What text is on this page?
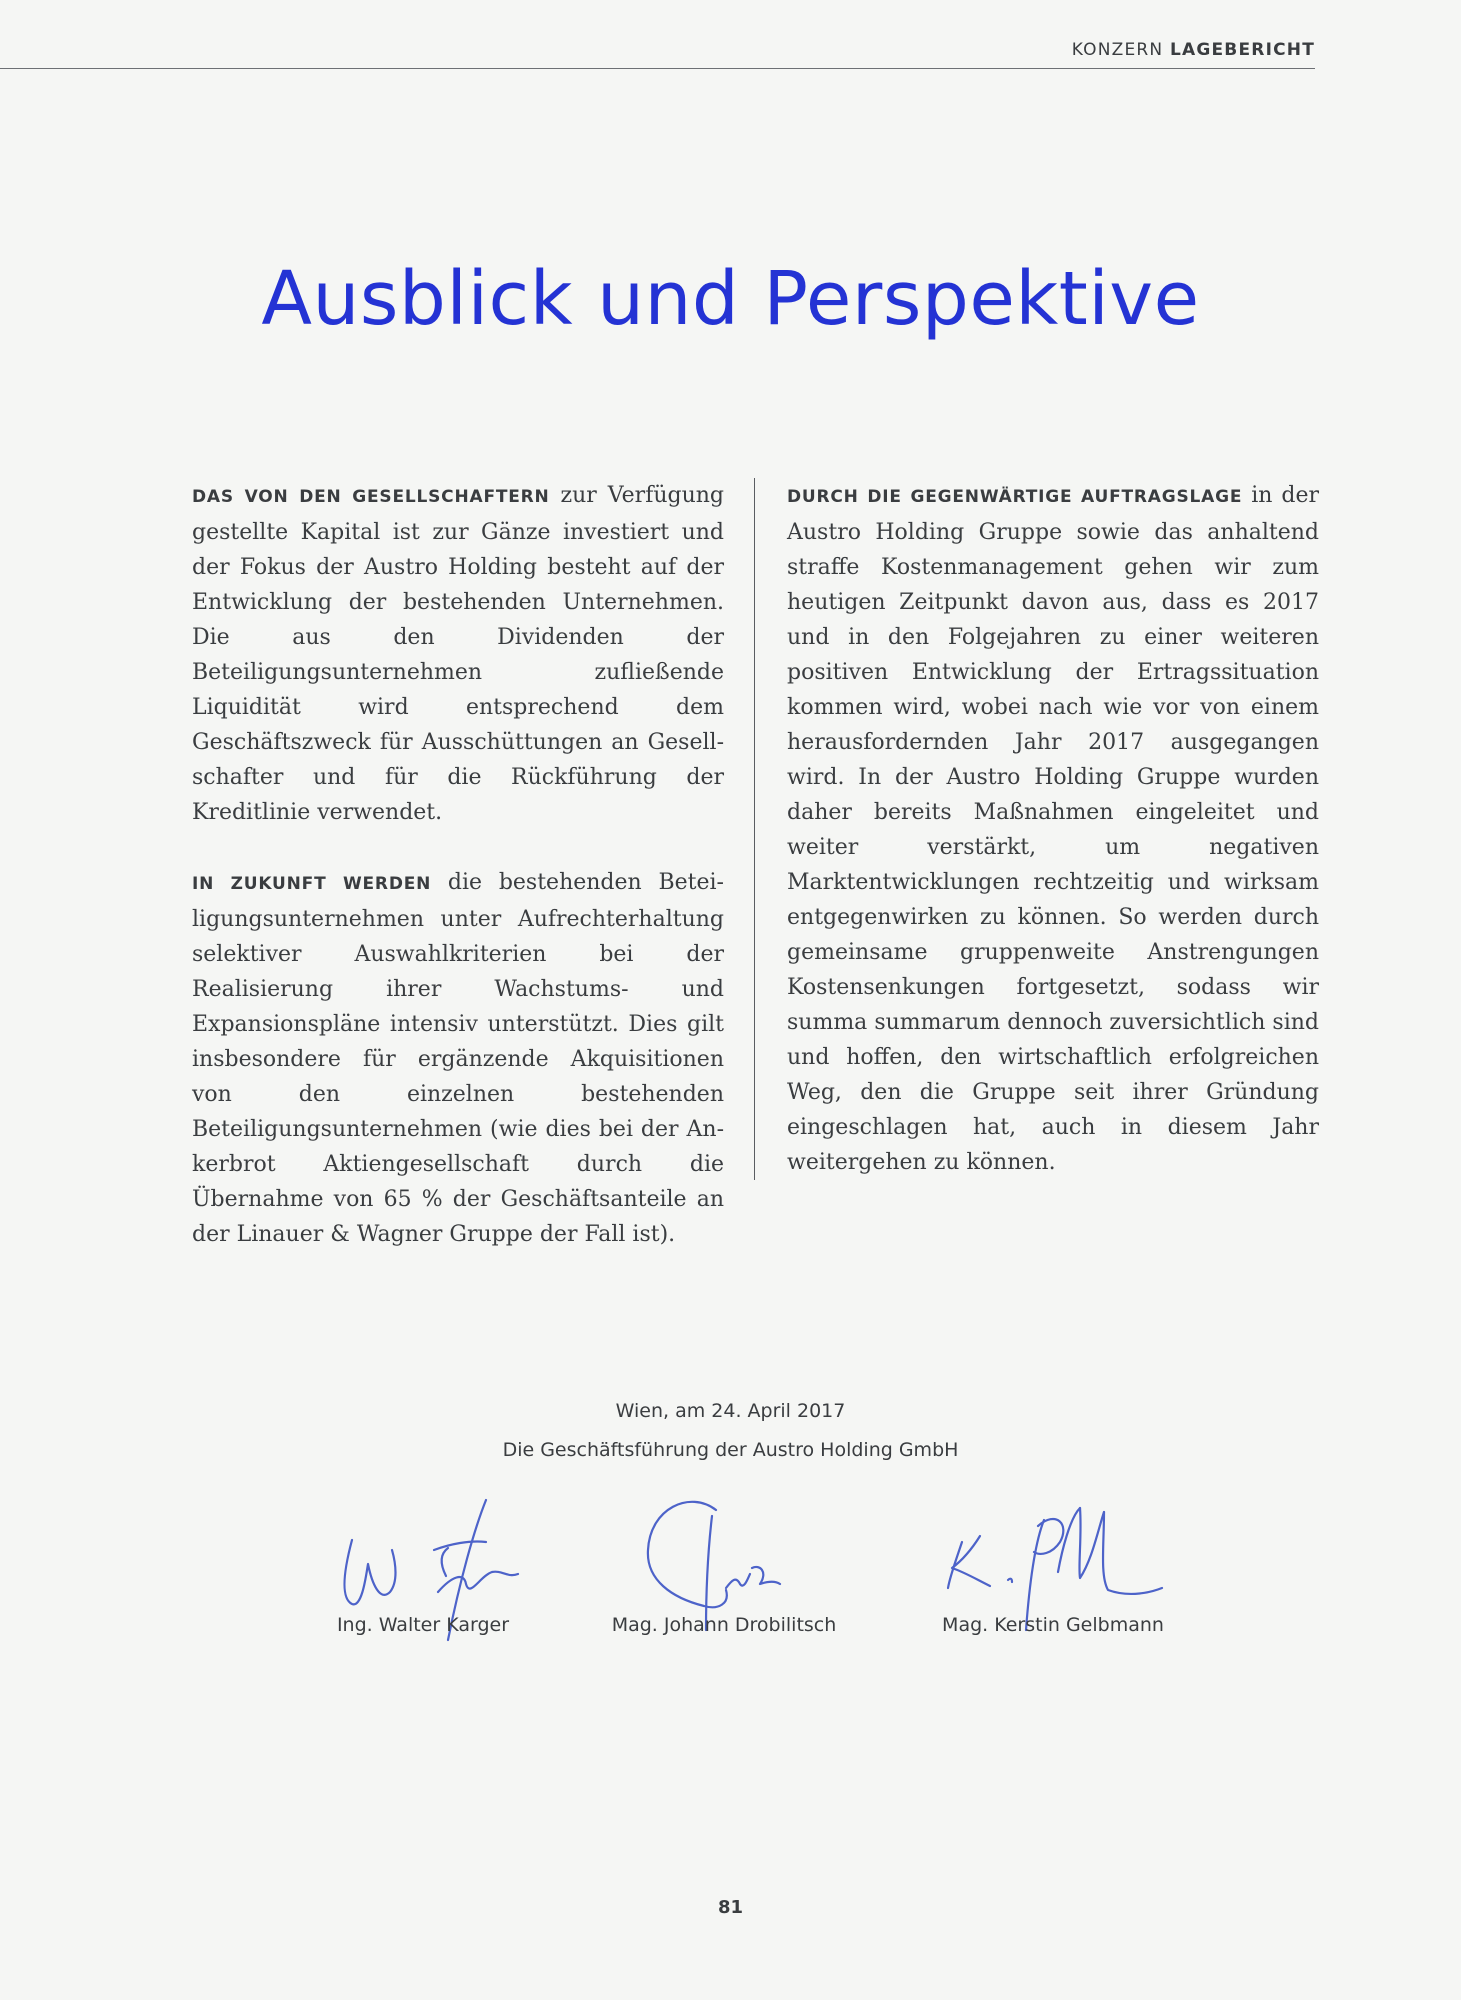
KONZERN LAGEBERICHT
Ausblick und Perspektive

DAS VON DEN GESELLSCHAFTERN zur Verfügung gestellte Kapital ist zur Gänze investiert und der Fokus der Austro Holding besteht auf der Entwicklung der bestehenden Unternehmen. Die aus den Dividenden der Beteiligungsunternehmen zufließende Liquidität wird entsprechend dem Geschäftszweck für Ausschüttungen an Gesellschafter und für die Rückführung der Kreditlinie verwendet.

IN ZUKUNFT WERDEN die bestehenden Beteiligungsunternehmen unter Aufrechterhaltung selektiver Auswahlkriterien bei der Realisierung ihrer Wachstums- und Expansionspläne intensiv unterstützt. Dies gilt insbesondere für ergänzende Akquisitionen von den einzelnen bestehenden Beteiligungsunternehmen (wie dies bei der Ankerbrot Aktiengesellschaft durch die Übernahme von 65 % der Geschäftsanteile an der Linauer & Wagner Gruppe der Fall ist).

DURCH DIE GEGENWÄRTIGE AUFTRAGSLAGE in der Austro Holding Gruppe sowie das anhaltend straffe Kostenmanagement gehen wir zum heutigen Zeitpunkt davon aus, dass es 2017 und in den Folgejahren zu einer weiteren positiven Entwicklung der Ertragssituation kommen wird, wobei nach wie vor von einem herausfordernden Jahr 2017 ausgegangen wird. In der Austro Holding Gruppe wurden daher bereits Maßnahmen eingeleitet und weiter verstärkt, um negativen Marktentwicklungen rechtzeitig und wirksam entgegenwirken zu können. So werden durch gemeinsame gruppenweite Anstrengungen Kostensenkungen fortgesetzt, sodass wir summa summarum dennoch zuversichtlich sind und hoffen, den wirtschaftlich erfolgreichen Weg, den die Gruppe seit ihrer Gründung eingeschlagen hat, auch in diesem Jahr weitergehen zu können.

Wien, am 24. April 2017
Die Geschäftsführung der Austro Holding GmbH
Ing. Walter Karger	Mag. Johann Drobilitsch	Mag. Kerstin Gelbmann
81
